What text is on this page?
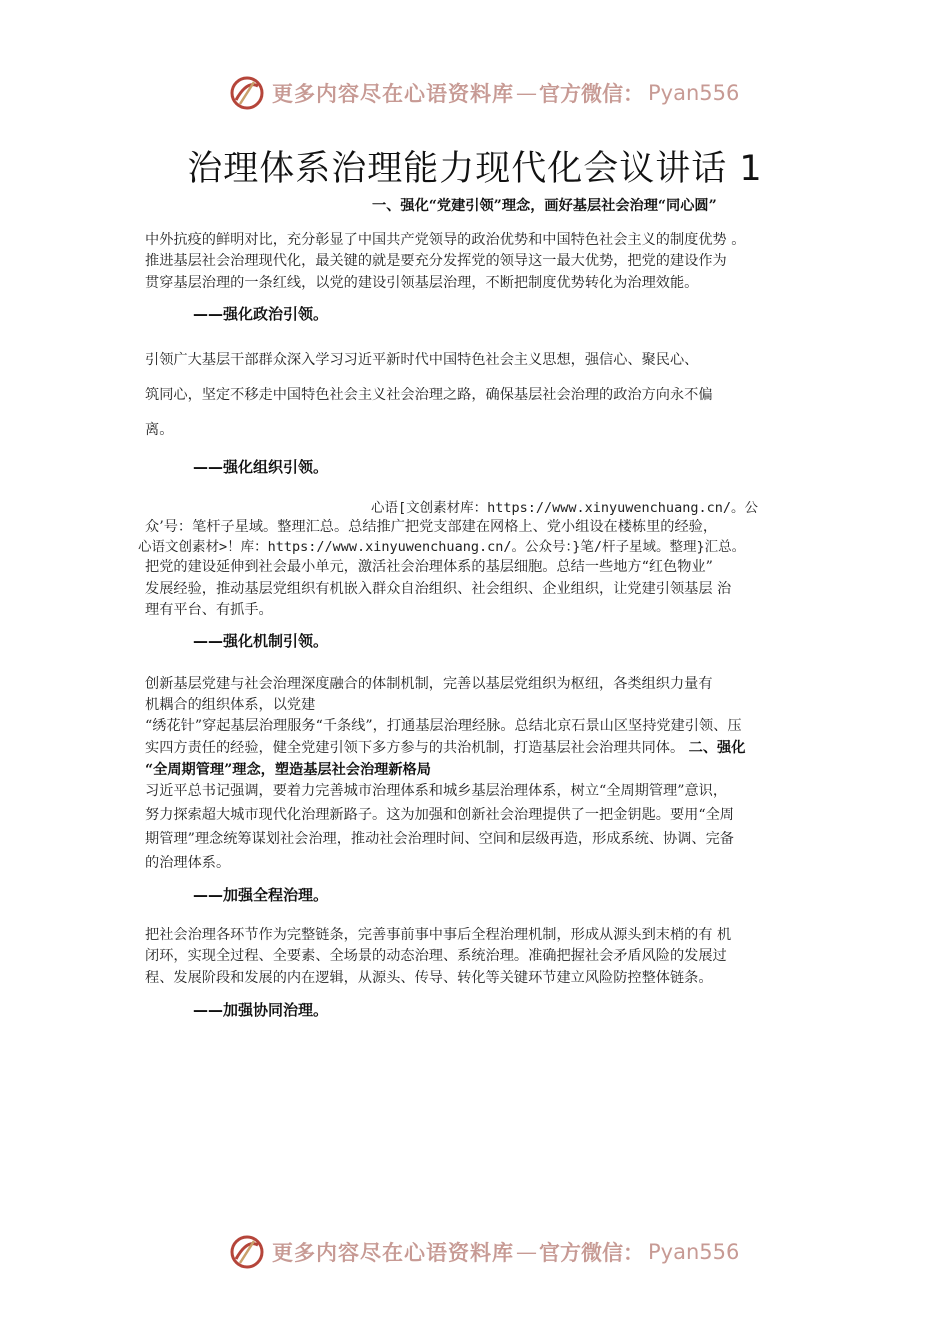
更多内容尽在心语资料库 — 官方微信： Pyan556
治理体系治理能力现代化会议讲话 1
一、强化“党建引领”理念，画好基层社会治理“同心圆”
中外抗疫的鲜明对比，充分彰显了中国共产党领导的政治优势和中国特色社会主义的制度优势 。
推进基层社会治理现代化，最关键的就是要充分发挥党的领导这一最大优势，把党的建设作为
贯穿基层治理的一条红线，以党的建设引领基层治理，不断把制度优势转化为治理效能。
——强化政治引领。
引领广大基层干部群众深入学习习近平新时代中国特色社会主义思想，强信心、聚民心、
筑同心，坚定不移走中国特色社会主义社会治理之路，确保基层社会治理的政治方向永不偏
离。
——强化组织引领。
心语[文创素材库：https://www.xinyuwenchuang.cn/。公
众’号：笔杆子星域。整理汇总。总结推广把党支部建在网格上、党小组设在楼栋里的经验，
心语文创素材>！库：https://www.xinyuwenchuang.cn/。公众号：}笔/杆子星域。整理}汇总。
把党的建设延伸到社会最小单元，激活社会治理体系的基层细胞。总结一些地方“红色物业”
发展经验，推动基层党组织有机嵌入群众自治组织、社会组织、企业组织，让党建引领基层 治
理有平台、有抓手。
——强化机制引领。
创新基层党建与社会治理深度融合的体制机制，完善以基层党组织为枢纽，各类组织力量有
机耦合的组织体系，以党建
“绣花针”穿起基层治理服务“千条线”，打通基层治理经脉。总结北京石景山区坚持党建引领、压
实四方责任的经验，健全党建引领下多方参与的共治机制，打造基层社会治理共同体。 二、强化
“全周期管理”理念，塑造基层社会治理新格局
习近平总书记强调，要着力完善城市治理体系和城乡基层治理体系，树立“全周期管理”意识，
努力探索超大城市现代化治理新路子。这为加强和创新社会治理提供了一把金钥匙。要用“全周
期管理”理念统筹谋划社会治理，推动社会治理时间、空间和层级再造，形成系统、协调、完备
的治理体系。
——加强全程治理。
把社会治理各环节作为完整链条，完善事前事中事后全程治理机制，形成从源头到末梢的有 机
闭环，实现全过程、全要素、全场景的动态治理、系统治理。准确把握社会矛盾风险的发展过
程、发展阶段和发展的内在逻辑，从源头、传导、转化等关键环节建立风险防控整体链条。
——加强协同治理。
更多内容尽在心语资料库 — 官方微信： Pyan556
